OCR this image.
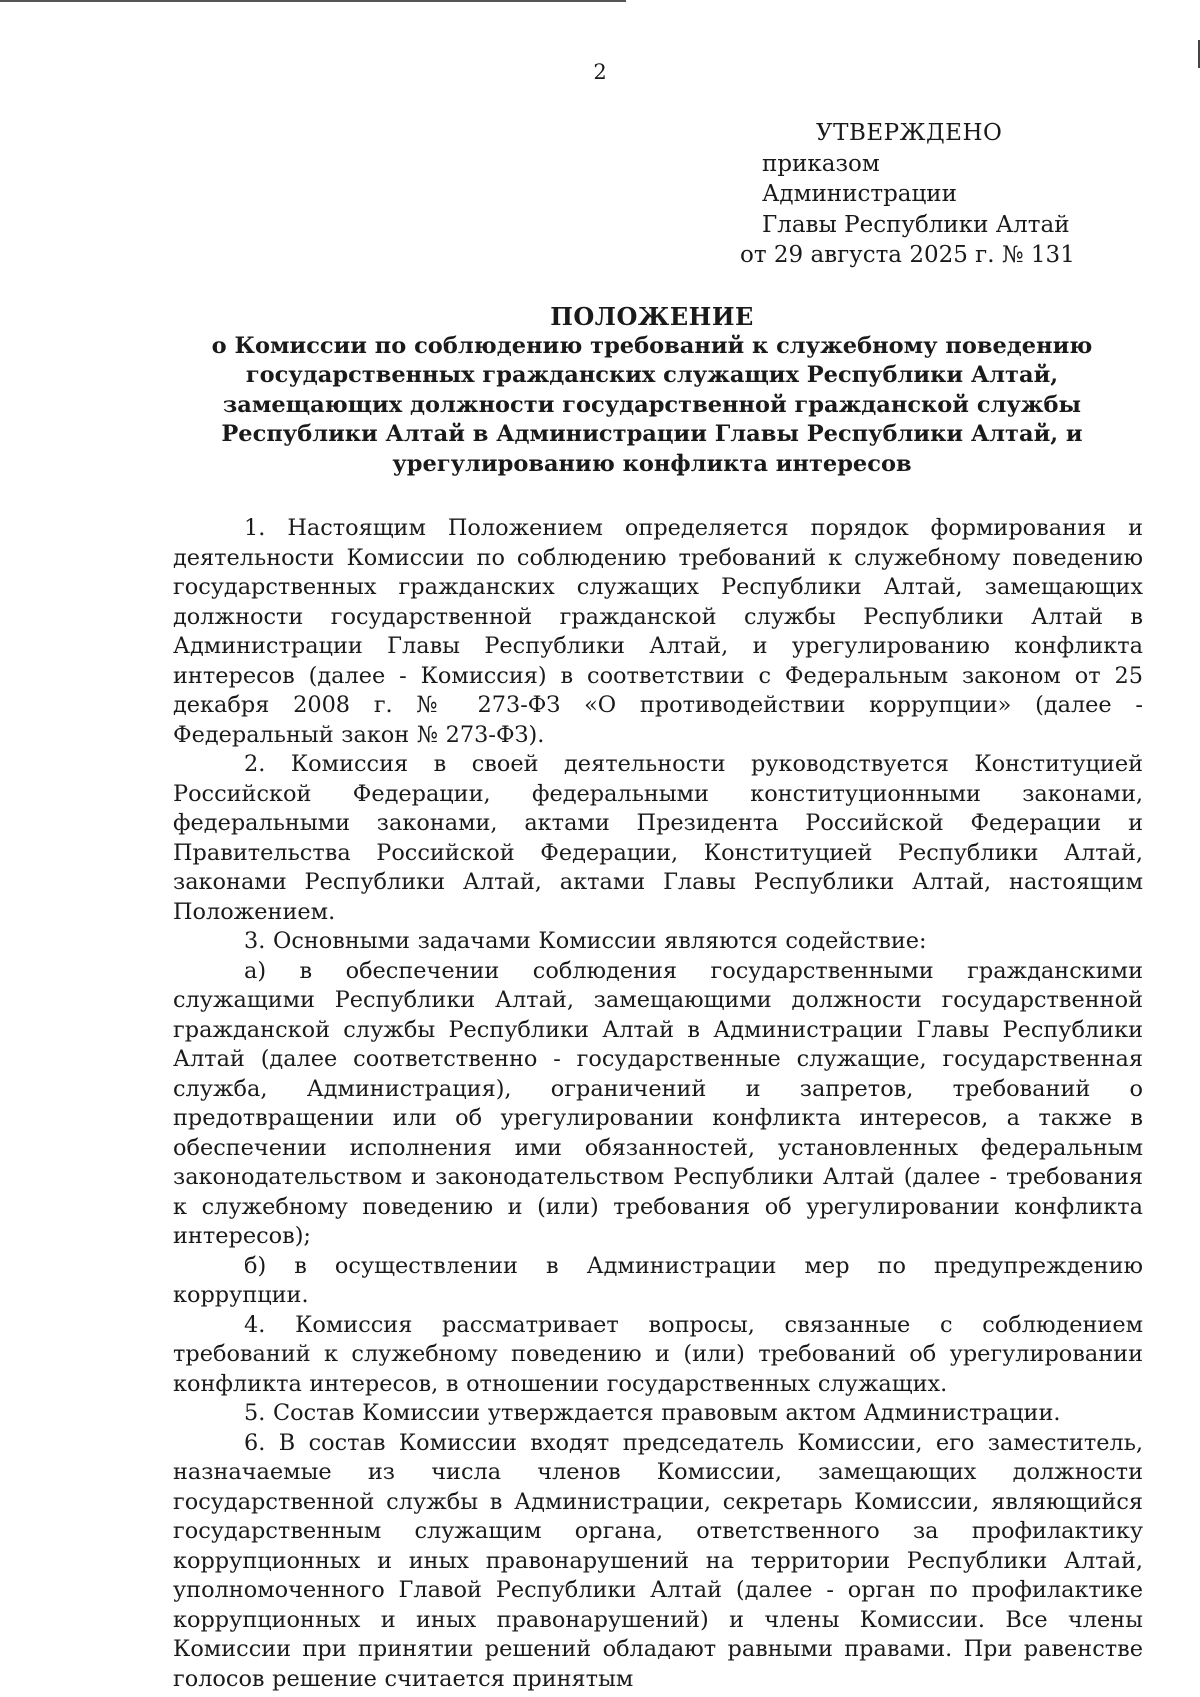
2
УТВЕРЖДЕНО
приказом Администрации
Главы Республики Алтай
от 29 августа 2025 г. № 131
ПОЛОЖЕНИЕ
о Комиссии по соблюдению требований к служебному поведению государственных гражданских служащих Республики Алтай, замещающих должности государственной гражданской службы Республики Алтай в Администрации Главы Республики Алтай, и урегулированию конфликта интересов

1. Настоящим Положением определяется порядок формирования и деятельности Комиссии по соблюдению требований к служебному поведению государственных гражданских служащих Республики Алтай, замещающих должности государственной гражданской службы Республики Алтай в Администрации Главы Республики Алтай, и урегулированию конфликта интересов (далее - Комиссия) в соответствии с Федеральным законом от 25 декабря 2008 г. № 273-ФЗ «О противодействии коррупции» (далее - Федеральный закон № 273-ФЗ).

2. Комиссия в своей деятельности руководствуется Конституцией Российской Федерации, федеральными конституционными законами, федеральными законами, актами Президента Российской Федерации и Правительства Российской Федерации, Конституцией Республики Алтай, законами Республики Алтай, актами Главы Республики Алтай, настоящим Положением.

3. Основными задачами Комиссии являются содействие:

а) в обеспечении соблюдения государственными гражданскими служащими Республики Алтай, замещающими должности государственной гражданской службы Республики Алтай в Администрации Главы Республики Алтай (далее соответственно - государственные служащие, государственная служба, Администрация), ограничений и запретов, требований о предотвращении или об урегулировании конфликта интересов, а также в обеспечении исполнения ими обязанностей, установленных федеральным законодательством и законодательством Республики Алтай (далее - требования к служебному поведению и (или) требования об урегулировании конфликта интересов);

б) в осуществлении в Администрации мер по предупреждению коррупции.

4. Комиссия рассматривает вопросы, связанные с соблюдением требований к служебному поведению и (или) требований об урегулировании конфликта интересов, в отношении государственных служащих.

5. Состав Комиссии утверждается правовым актом Администрации.

6. В состав Комиссии входят председатель Комиссии, его заместитель, назначаемые из числа членов Комиссии, замещающих должности государственной службы в Администрации, секретарь Комиссии, являющийся государственным служащим органа, ответственного за профилактику коррупционных и иных правонарушений на территории Республики Алтай, уполномоченного Главой Республики Алтай (далее - орган по профилактике коррупционных и иных правонарушений) и члены Комиссии. Все члены Комиссии при принятии решений обладают равными правами. При равенстве голосов решение считается принятым
